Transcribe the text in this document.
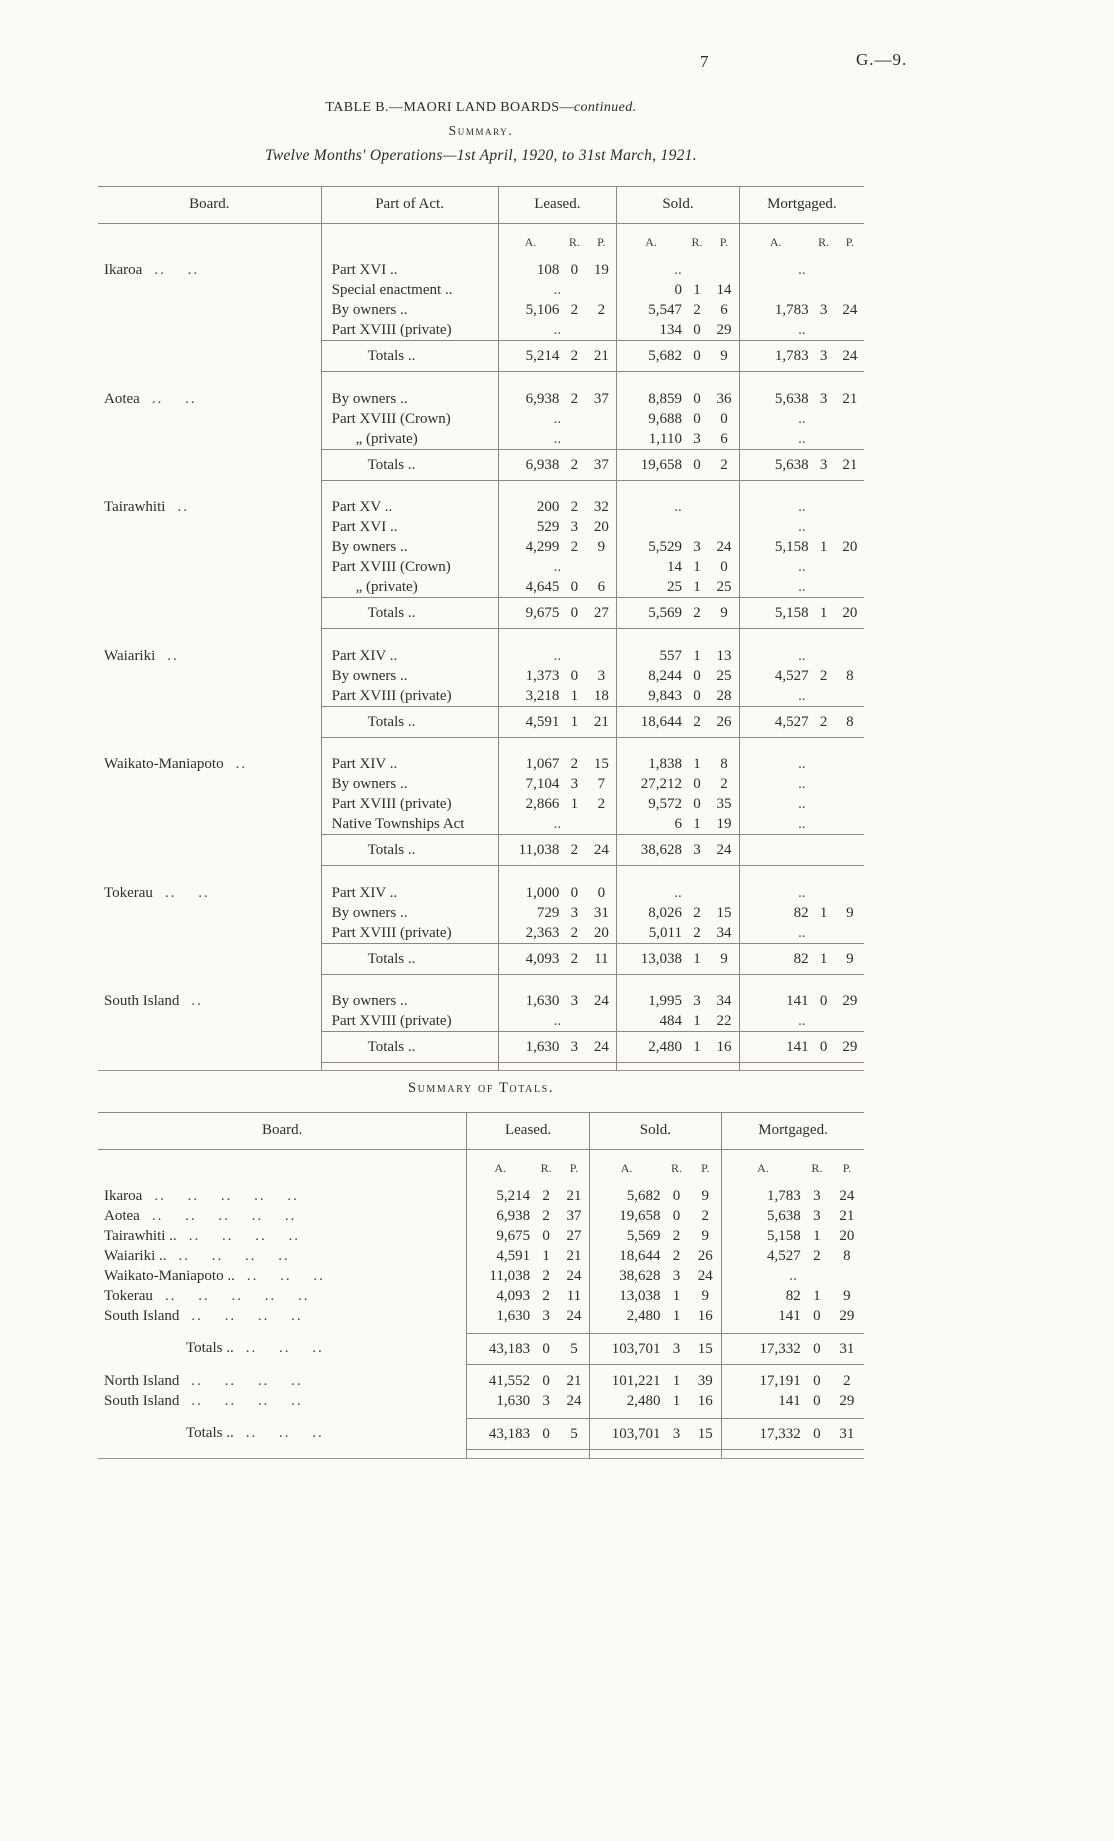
7	G.—9.
TABLE B.—MAORI LAND BOARDS—continued.
Summary.
Twelve Months' Operations—1st April, 1920, to 31st March, 1921.
Board.	Part of Act.	Leased.			Sold.			Mortgaged.		
		A.	R.	P.	A.	R.	P.	A.	R.	P.
Ikaroa .. ..	Part XVI ..	108	0	19	..			..		
	Special enactment ..	..			0	1	14			
	By owners ..	5,106	2	2	5,547	2	6	1,783	3	24
	Part XVIII (private)	..			134	0	29	..		
	Totals ..	5,214	2	21	5,682	0	9	1,783	3	24

Aotea .. ..	By owners ..	6,938	2	37	8,859	0	36	5,638	3	21
	Part XVIII (Crown)	..			9,688	0	0	..		
	„ (private)	..			1,110	3	6	..		
	Totals ..	6,938	2	37	19,658	0	2	5,638	3	21

Tairawhiti ..	Part XV ..	200	2	32	..			..		
	Part XVI ..	529	3	20				..		
	By owners ..	4,299	2	9	5,529	3	24	5,158	1	20
	Part XVIII (Crown)	..			14	1	0	..		
	„ (private)	4,645	0	6	25	1	25	..		
	Totals ..	9,675	0	27	5,569	2	9	5,158	1	20

Waiariki ..	Part XIV ..	..			557	1	13	..		
	By owners ..	1,373	0	3	8,244	0	25	4,527	2	8
	Part XVIII (private)	3,218	1	18	9,843	0	28	..		
	Totals ..	4,591	1	21	18,644	2	26	4,527	2	8

Waikato-Maniapoto ..	Part XIV ..	1,067	2	15	1,838	1	8	..		
	By owners ..	7,104	3	7	27,212	0	2	..		
	Part XVIII (private)	2,866	1	2	9,572	0	35	..		
	Native Townships Act	..			6	1	19	..		
	Totals ..	11,038	2	24	38,628	3	24			

Tokerau .. ..	Part XIV ..	1,000	0	0	..			..		
	By owners ..	729	3	31	8,026	2	15	82	1	9
	Part XVIII (private)	2,363	2	20	5,011	2	34	..		
	Totals ..	4,093	2	11	13,038	1	9	82	1	9

South Island ..	By owners ..	1,630	3	24	1,995	3	34	141	0	29
	Part XVIII (private)	..			484	1	22	..		
	Totals ..	1,630	3	24	2,480	1	16	141	0	29

Summary of Totals.
Board.	Leased.			Sold.			Mortgaged.		
	A.	R.	P.	A.	R.	P.	A.	R.	P.
Ikaroa .. .. .. .. ..	5,214	2	21	5,682	0	9	1,783	3	24
Aotea .. .. .. .. ..	6,938	2	37	19,658	0	2	5,638	3	21
Tairawhiti .. .. .. .. ..	9,675	0	27	5,569	2	9	5,158	1	20
Waiariki .. .. .. .. ..	4,591	1	21	18,644	2	26	4,527	2	8
Waikato-Maniapoto .. .. .. ..	11,038	2	24	38,628	3	24	..		
Tokerau .. .. .. .. ..	4,093	2	11	13,038	1	9	82	1	9
South Island .. .. .. ..	1,630	3	24	2,480	1	16	141	0	29

Totals .. .. .. ..	43,183	0	5	103,701	3	15	17,332	0	31

North Island .. .. .. ..	41,552	0	21	101,221	1	39	17,191	0	2
South Island .. .. .. ..	1,630	3	24	2,480	1	16	141	0	29

Totals .. .. .. ..	43,183	0	5	103,701	3	15	17,332	0	31
